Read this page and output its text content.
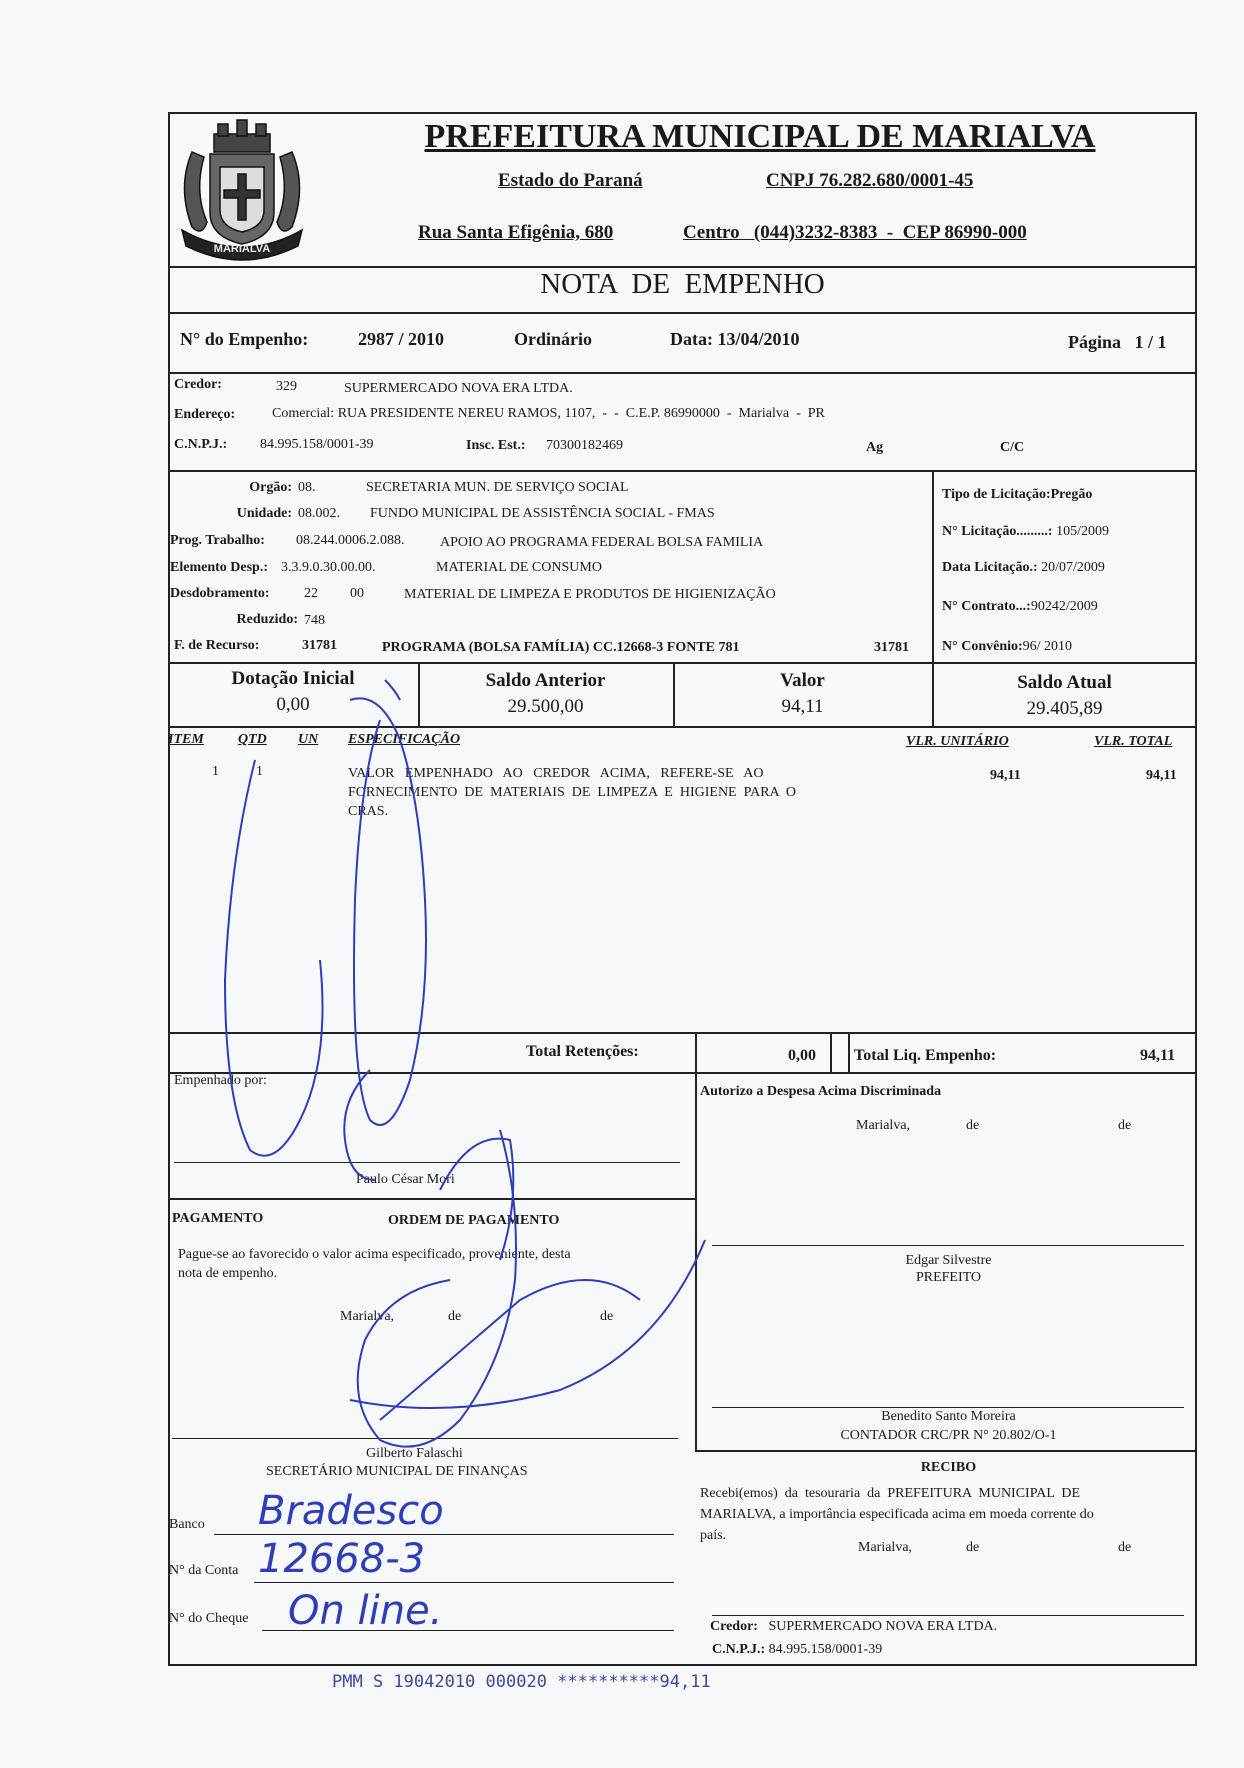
MARIALVA
PREFEITURA MUNICIPAL DE MARIALVA
Estado do Paraná	CNPJ 76.282.680/0001-45
Rua Santa Efigênia, 680	Centro   (044)3232-8383  -  CEP 86990-000
NOTA  DE  EMPENHO
N° do Empenho:	2987 / 2010	Ordinário	Data: 13/04/2010	Página   1 / 1
Credor:	329	SUPERMERCADO NOVA ERA LTDA.
Endereço:	Comercial: RUA PRESIDENTE NEREU RAMOS, 1107,  -  -  C.E.P. 86990000  -  Marialva  -  PR
C.N.P.J.: 84.995.158/0001-39	Insc. Est.: 70300182469	Ag	C/C
Orgão: 08.	SECRETARIA MUN. DE SERVIÇO SOCIAL
Unidade: 08.002. FUNDO MUNICIPAL DE ASSISTÊNCIA SOCIAL - FMAS
Prog. Trabalho: 08.244.0006.2.088.	APOIO AO PROGRAMA FEDERAL BOLSA FAMILIA
Elemento Desp.: 3.3.9.0.30.00.00.	MATERIAL DE CONSUMO
Desdobramento: 22 00	MATERIAL DE LIMPEZA E PRODUTOS DE HIGIENIZAÇÃO
Reduzido: 748
F. de Recurso:	31781	PROGRAMA (BOLSA FAMÍLIA) CC.12668-3 FONTE 781	31781
Tipo de Licitação:Pregão
N° Licitação.........: 105/2009
Data Licitação.: 20/07/2009
N° Contrato...:90242/2009
N° Convênio:96/ 2010
Dotação Inicial
0,00
Saldo Anterior
29.500,00
Valor
94,11
Saldo Atual
29.405,89
ITEM QTD UN ESPECIFICAÇÃO	VLR. UNITÁRIO	VLR. TOTAL
1	1	VALOR   EMPENHADO   AO   CREDOR   ACIMA,   REFERE-SE   AO
FORNECIMENTO  DE  MATERIAIS  DE  LIMPEZA  E  HIGIENE  PARA  O
CRAS.
94,11	94,11
Total Retenções:	0,00 Total Liq. Empenho:	94,11
Empenhado por:
Paulo César Mori
Autorizo a Despesa Acima Discriminada
Marialva,	de	de
Edgar Silvestre
PREFEITO
Benedito Santo Moreira
CONTADOR CRC/PR N° 20.802/O-1
PAGAMENTO	ORDEM DE PAGAMENTO
Pague-se ao favorecido o valor acima especificado, proveniente, desta
nota de empenho.
Marialva,	de	de
Gilberto Falaschi
SECRETÁRIO MUNICIPAL DE FINANÇAS
Banco Bradesco
N° da Conta 12668-3
N° do Cheque On line.
RECIBO
Recebi(emos)  da  tesouraria  da  PREFEITURA  MUNICIPAL  DE
MARIALVA, a importância especificada acima em moeda corrente do
país.
Marialva,	de	de
Credor: SUPERMERCADO NOVA ERA LTDA.
C.N.P.J.: 84.995.158/0001-39
PMM S 19042010 000020 **********94,11
